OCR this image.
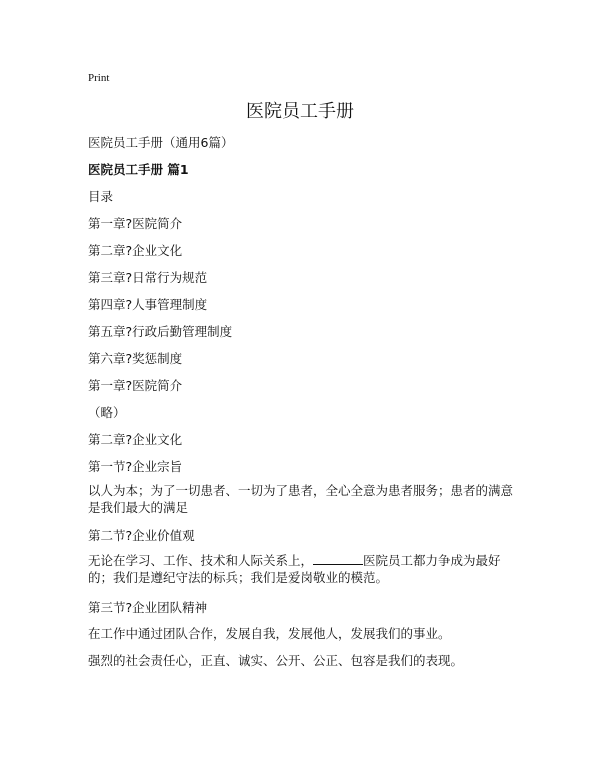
Print
医院员工手册
医院员工手册（通用6篇）
医院员工手册 篇1
目录
第一章?医院简介
第二章?企业文化
第三章?日常行为规范
第四章?人事管理制度
第五章?行政后勤管理制度
第六章?奖惩制度
第一章?医院简介
（略）
第二章?企业文化
第一节?企业宗旨
以人为本；为了一切患者、一切为了患者，全心全意为患者服务；患者的满意是我们最大的满足
第二节?企业价值观
无论在学习、工作、技术和人际关系上，	医院员工都力争成为最好的；我们是遵纪守法的标兵；我们是爱岗敬业的模范。
第三节?企业团队精神
在工作中通过团队合作，发展自我，发展他人，发展我们的事业。
强烈的社会责任心，正直、诚实、公开、公正、包容是我们的表现。
